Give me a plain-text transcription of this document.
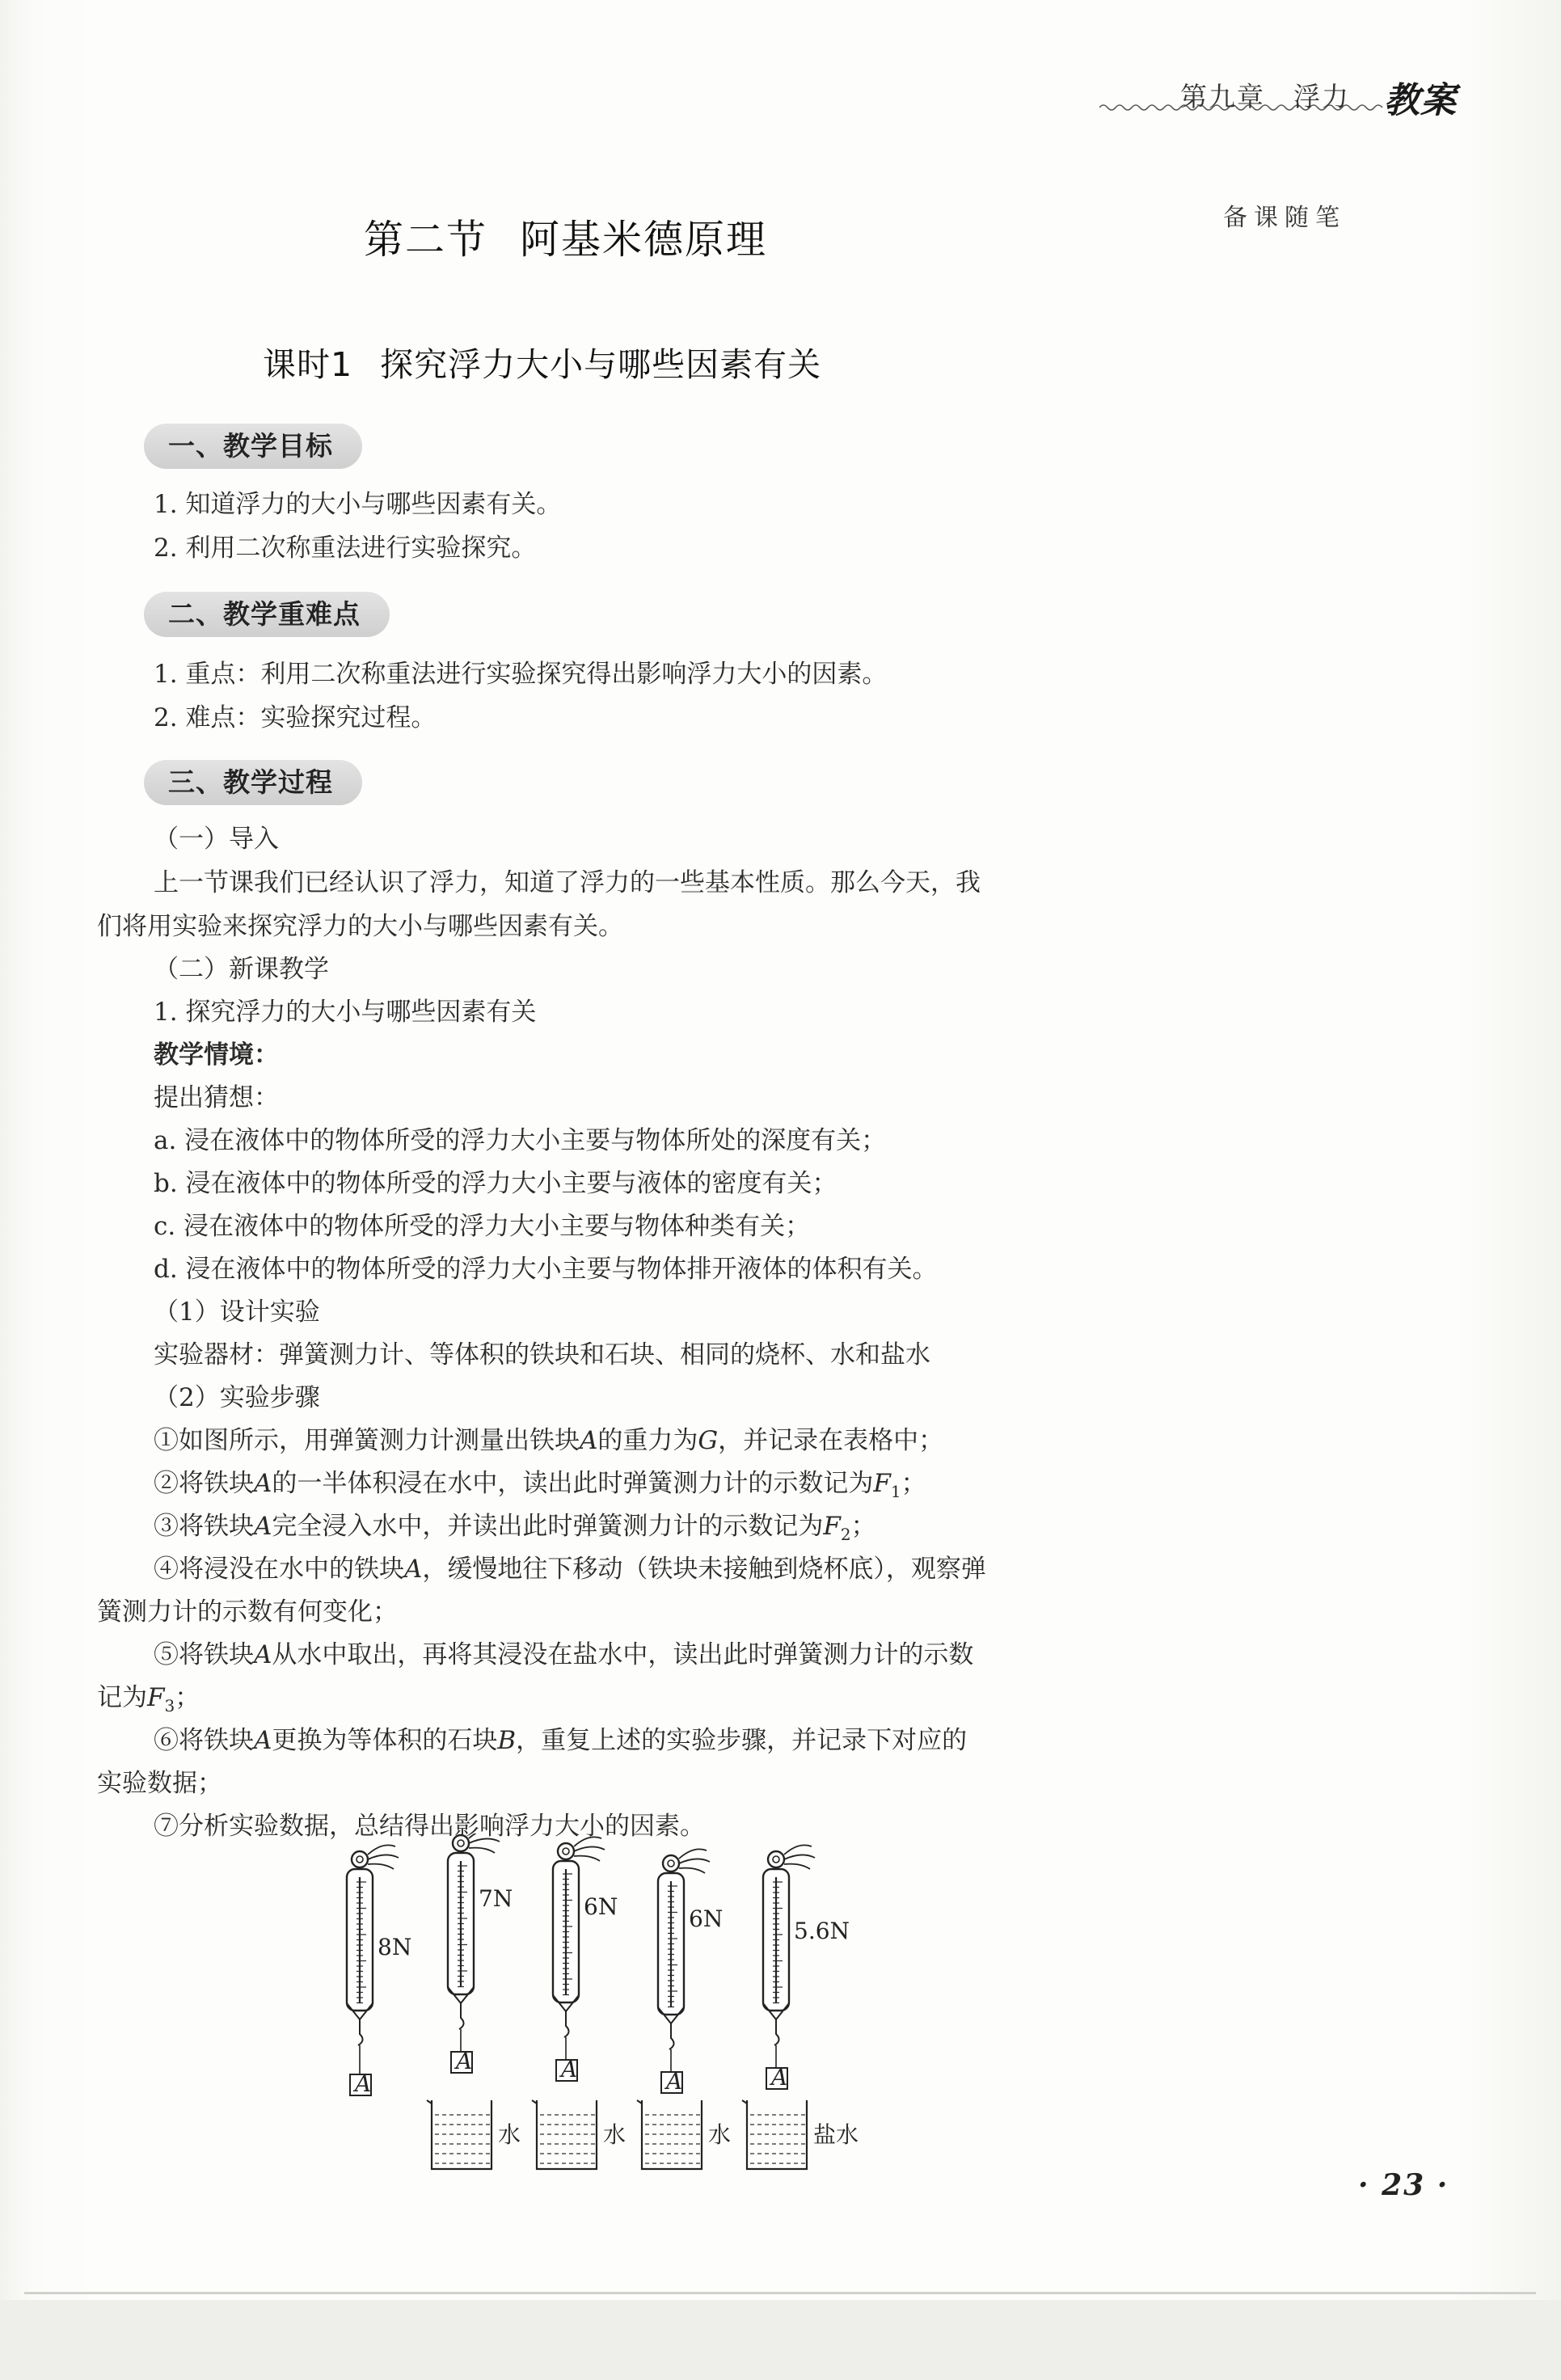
第九章　浮力 教案
备课随笔
第二节 阿基米德原理
课时1 探究浮力大小与哪些因素有关
一、教学目标
1. 知道浮力的大小与哪些因素有关。
2. 利用二次称重法进行实验探究。
二、教学重难点
1. 重点：利用二次称重法进行实验探究得出影响浮力大小的因素。
2. 难点：实验探究过程。
三、教学过程
（一）导入
上一节课我们已经认识了浮力，知道了浮力的一些基本性质。那么今天，我
们将用实验来探究浮力的大小与哪些因素有关。
（二）新课教学
1. 探究浮力的大小与哪些因素有关
教学情境：
提出猜想：
a. 浸在液体中的物体所受的浮力大小主要与物体所处的深度有关；
b. 浸在液体中的物体所受的浮力大小主要与液体的密度有关；
c. 浸在液体中的物体所受的浮力大小主要与物体种类有关；
d. 浸在液体中的物体所受的浮力大小主要与物体排开液体的体积有关。
（1）设计实验
实验器材：弹簧测力计、等体积的铁块和石块、相同的烧杯、水和盐水
（2）实验步骤
①如图所示，用弹簧测力计测量出铁块A的重力为G，并记录在表格中；
②将铁块A的一半体积浸在水中，读出此时弹簧测力计的示数记为$F_1$；
③将铁块A完全浸入水中，并读出此时弹簧测力计的示数记为$F_2$；
④将浸没在水中的铁块A，缓慢地往下移动（铁块未接触到烧杯底），观察弹
簧测力计的示数有何变化；
⑤将铁块A从水中取出，再将其浸没在盐水中，读出此时弹簧测力计的示数
记为$F_3$；
⑥将铁块A更换为等体积的石块B，重复上述的实验步骤，并记录下对应的
实验数据；
⑦分析实验数据，总结得出影响浮力大小的因素。
8N
A
7N
A
水
6N
A
水
6N
A
水
5.6N
A
盐水
· 23 ·
